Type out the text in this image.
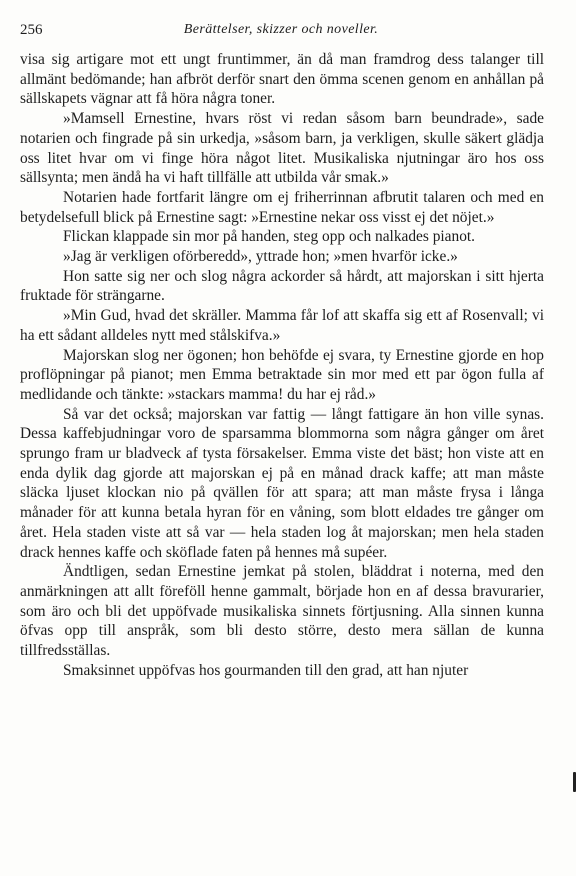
256	Berättelser, skizzer och noveller.

visa sig artigare mot ett ungt fruntimmer, än då man framdrog dess talanger till allmänt bedömande; han afbröt derför snart den ömma scenen genom en anhållan på sällskapets vägnar att få höra några toner.

»Mamsell Ernestine, hvars röst vi redan såsom barn beundrade», sade notarien och fingrade på sin urkedja, »såsom barn, ja verkligen, skulle säkert glädja oss litet hvar om vi finge höra något litet. Musikaliska njutningar äro hos oss sällsynta; men ändå ha vi haft tillfälle att utbilda vår smak.»

Notarien hade fortfarit längre om ej friherrinnan afbrutit talaren och med en betydelsefull blick på Ernestine sagt: »Ernestine nekar oss visst ej det nöjet.»

Flickan klappade sin mor på handen, steg opp och nalkades pianot.

»Jag är verkligen oförberedd», yttrade hon; »men hvarför icke.»

Hon satte sig ner och slog några ackorder så hårdt, att majorskan i sitt hjerta fruktade för strängarne.

»Min Gud, hvad det skräller. Mamma får lof att skaffa sig ett af Rosenvall; vi ha ett sådant alldeles nytt med stålskifva.»

Majorskan slog ner ögonen; hon behöfde ej svara, ty Ernestine gjorde en hop proflöpningar på pianot; men Emma betraktade sin mor med ett par ögon fulla af medlidande och tänkte: »stackars mamma! du har ej råd.»

Så var det också; majorskan var fattig — långt fattigare än hon ville synas. Dessa kaffebjudningar voro de sparsamma blommorna som några gånger om året sprungo fram ur bladveck af tysta försakelser. Emma viste det bäst; hon viste att en enda dylik dag gjorde att majorskan ej på en månad drack kaffe; att man måste släcka ljuset klockan nio på qvällen för att spara; att man måste frysa i långa månader för att kunna betala hyran för en våning, som blott eldades tre gånger om året. Hela staden viste att så var — hela staden log åt majorskan; men hela staden drack hennes kaffe och sköflade faten på hennes må supéer.

Ändtligen, sedan Ernestine jemkat på stolen, bläddrat i noterna, med den anmärkningen att allt föreföll henne gammalt, började hon en af dessa bravurarier, som äro och bli det uppöfvade musikaliska sinnets förtjusning. Alla sinnen kunna öfvas opp till anspråk, som bli desto större, desto mera sällan de kunna tillfredsställas.

Smaksinnet uppöfvas hos gourmanden till den grad, att han njuter
